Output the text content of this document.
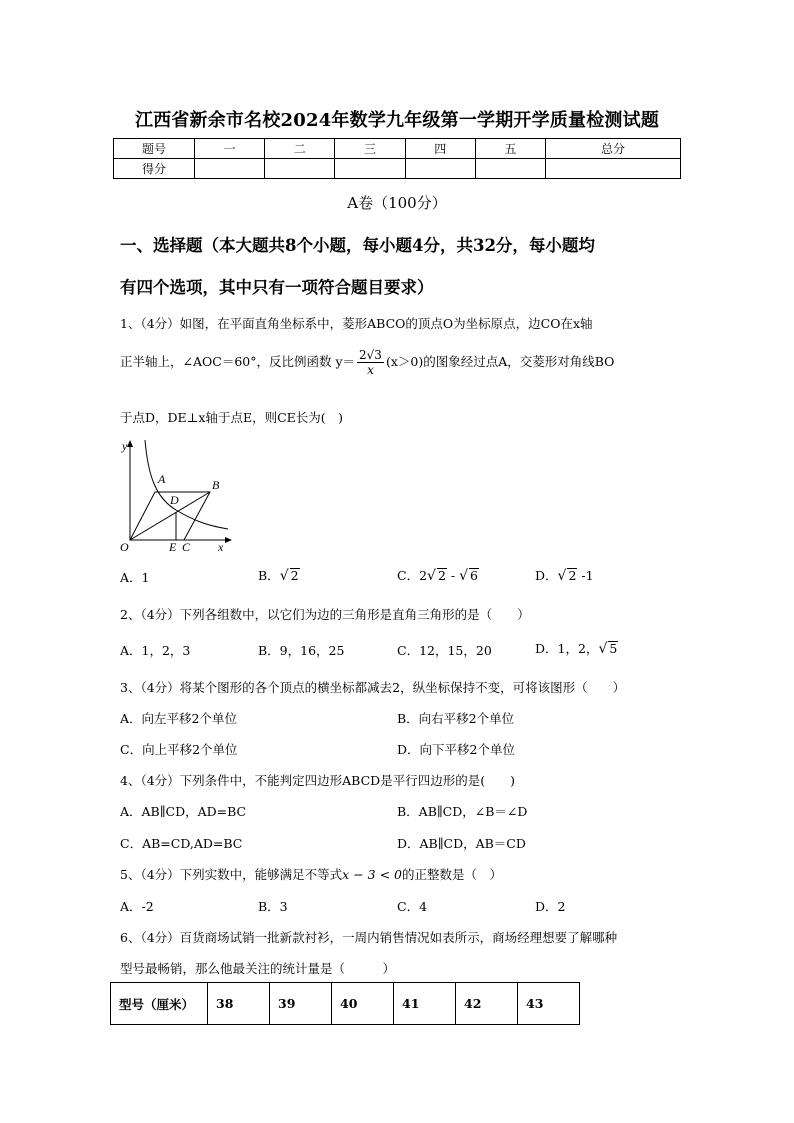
江西省新余市名校2024年数学九年级第一学期开学质量检测试题
题号	一	二	三	四	五	总分
得分						
A卷（100分）
一、选择题（本大题共8个小题，每小题4分，共32分，每小题均
有四个选项，其中只有一项符合题目要求）
1、（4分）如图，在平面直角坐标系中，菱形ABCO的顶点O为坐标原点，边CO在x轴
正半轴上，∠AOC＝60°，反比例函数 $y= \frac{2√3}{x} (x>0)$的图象经过点A，交菱形对角线BO
于点D，DE⊥x轴于点E，则CE长为(　)
y
x
O
A	B
C
D
E
A．1	B．√ 2	C．2√ 2 - √ 6	D．√ 2 -1
2、（4分）下列各组数中，以它们为边的三角形是直角三角形的是（　　）
A．1，2，3	B．9，16，25	C．12，15，20	D．1，2，√ 5
3、（4分）将某个图形的各个顶点的横坐标都减去2，纵坐标保持不变，可将该图形（　　）
A．向左平移2个单位	B．向右平移2个单位
C．向上平移2个单位	D．向下平移2个单位
4、（4分）下列条件中，不能判定四边形ABCD是平行四边形的是(　　)
A．AB∥CD，AD=BC	B．AB∥CD，∠B＝∠D
C．AB=CD,AD=BC	D．AB∥CD，AB＝CD
5、（4分）下列实数中，能够满足不等式x − 3 < 0的正整数是（　）
A．-2	B．3	C．4	D．2
6、（4分）百货商场试销一批新款衬衫，一周内销售情况如表所示，商场经理想要了解哪种
型号最畅销，那么他最关注的统计量是（　　　）
型号（厘米）	38	39	40	41	42	43
